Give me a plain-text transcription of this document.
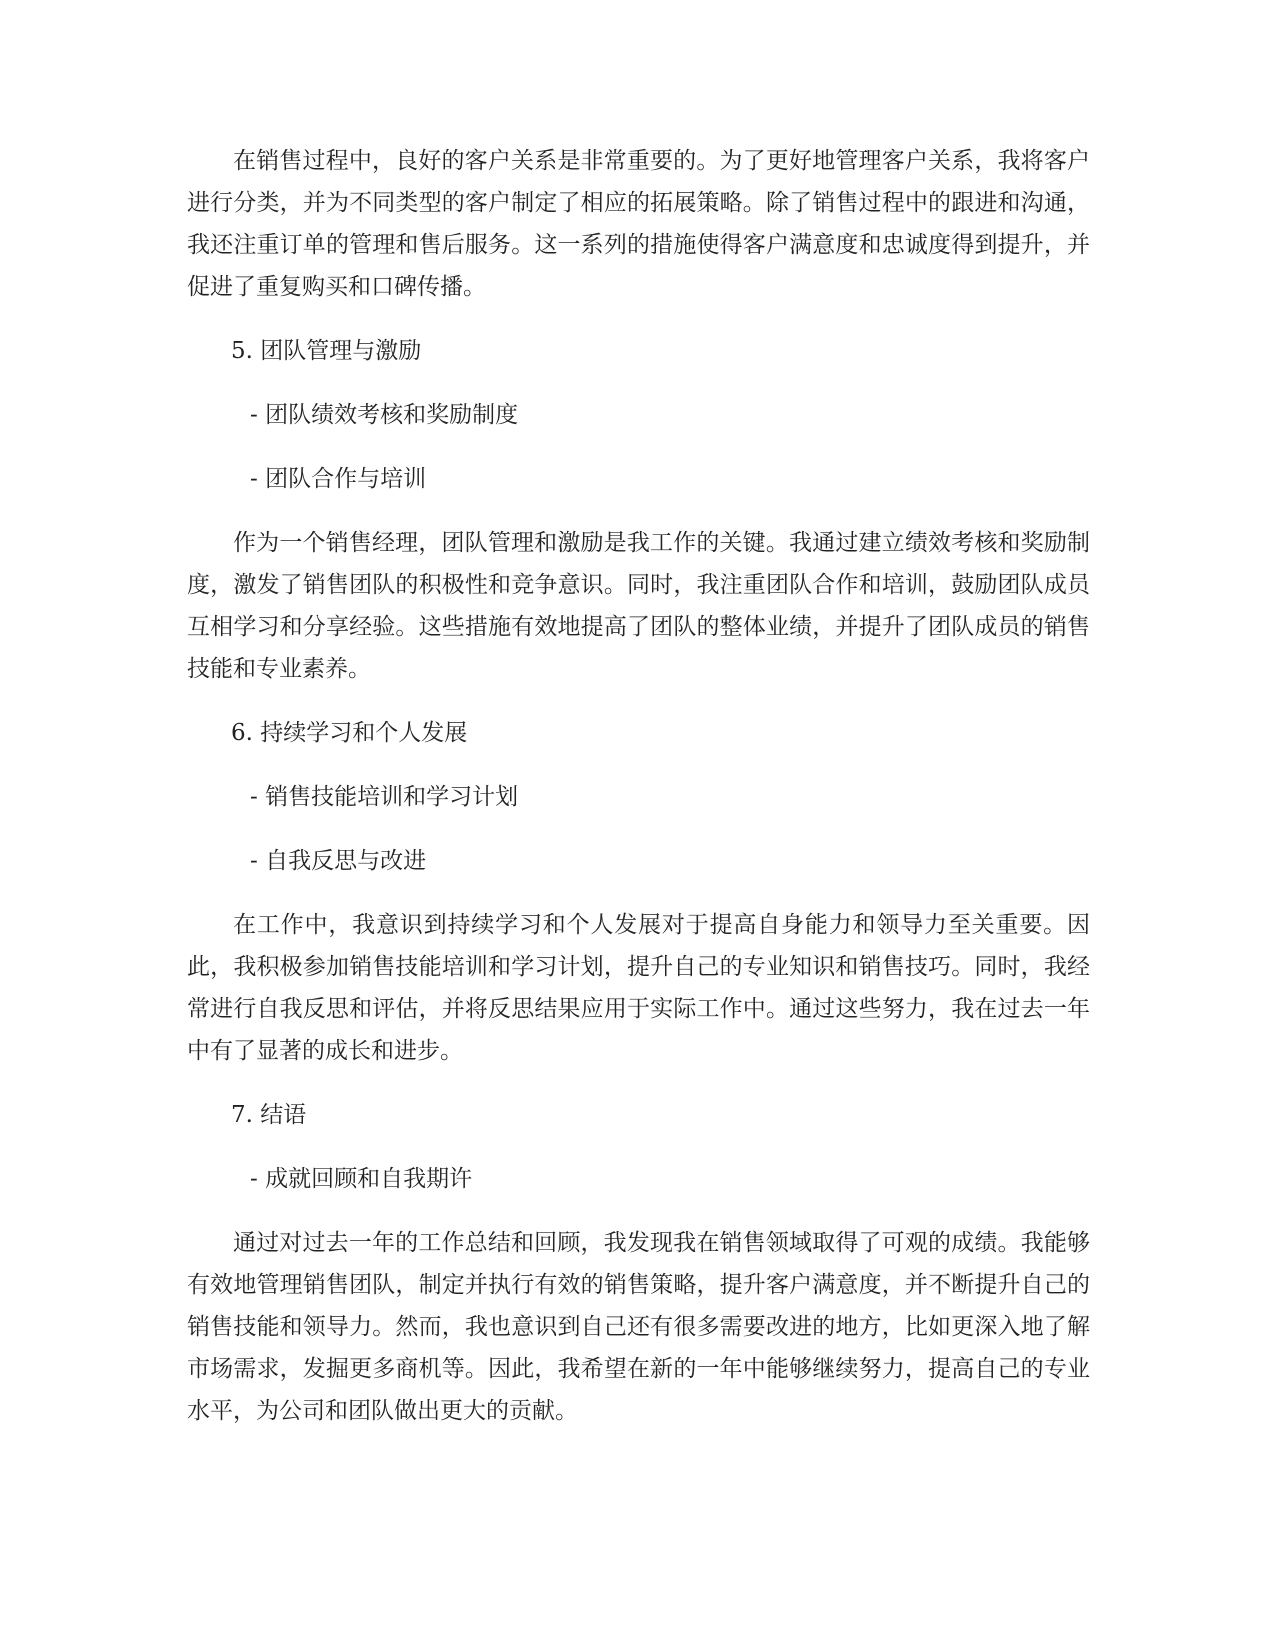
在销售过程中，良好的客户关系是非常重要的。为了更好地管理客户关系，我将客户进行分类，并为不同类型的客户制定了相应的拓展策略。除了销售过程中的跟进和沟通，我还注重订单的管理和售后服务。这一系列的措施使得客户满意度和忠诚度得到提升，并促进了重复购买和口碑传播。

5. 团队管理与激励

- 团队绩效考核和奖励制度

- 团队合作与培训

作为一个销售经理，团队管理和激励是我工作的关键。我通过建立绩效考核和奖励制度，激发了销售团队的积极性和竞争意识。同时，我注重团队合作和培训，鼓励团队成员互相学习和分享经验。这些措施有效地提高了团队的整体业绩，并提升了团队成员的销售技能和专业素养。

6. 持续学习和个人发展

- 销售技能培训和学习计划

- 自我反思与改进

在工作中，我意识到持续学习和个人发展对于提高自身能力和领导力至关重要。因此，我积极参加销售技能培训和学习计划，提升自己的专业知识和销售技巧。同时，我经常进行自我反思和评估，并将反思结果应用于实际工作中。通过这些努力，我在过去一年中有了显著的成长和进步。

7. 结语

- 成就回顾和自我期许

通过对过去一年的工作总结和回顾，我发现我在销售领域取得了可观的成绩。我能够有效地管理销售团队，制定并执行有效的销售策略，提升客户满意度，并不断提升自己的销售技能和领导力。然而，我也意识到自己还有很多需要改进的地方，比如更深入地了解市场需求，发掘更多商机等。因此，我希望在新的一年中能够继续努力，提高自己的专业水平，为公司和团队做出更大的贡献。
